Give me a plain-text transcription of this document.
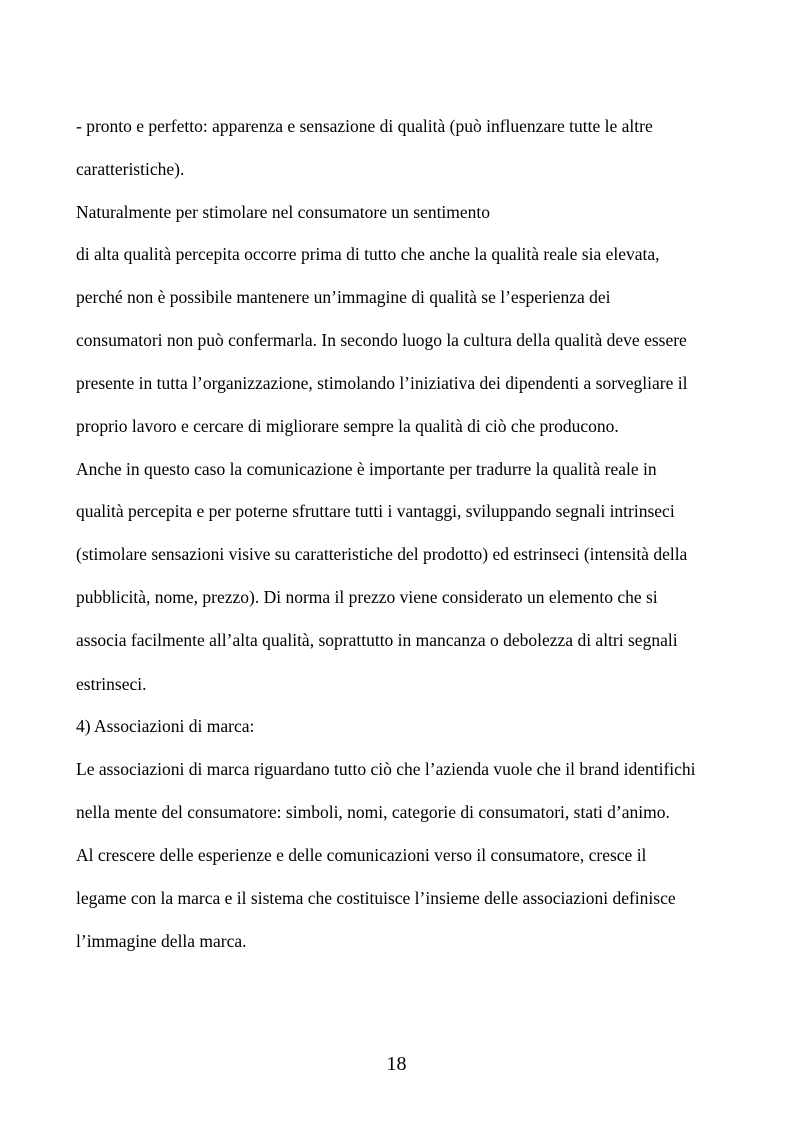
- pronto e perfetto: apparenza e sensazione di qualità (può influenzare tutte le altre
caratteristiche).
Naturalmente per stimolare nel consumatore un sentimento
di alta qualità percepita occorre prima di tutto che anche la qualità reale sia elevata,
perché non è possibile mantenere un’immagine di qualità se l’esperienza dei
consumatori non può confermarla. In secondo luogo la cultura della qualità deve essere
presente in tutta l’organizzazione, stimolando l’iniziativa dei dipendenti a sorvegliare il
proprio lavoro e cercare di migliorare sempre la qualità di ciò che producono.
Anche in questo caso la comunicazione è importante per tradurre la qualità reale in
qualità percepita e per poterne sfruttare tutti i vantaggi, sviluppando segnali intrinseci
(stimolare sensazioni visive su caratteristiche del prodotto) ed estrinseci (intensità della
pubblicità, nome, prezzo). Di norma il prezzo viene considerato un elemento che si
associa facilmente all’alta qualità, soprattutto in mancanza o debolezza di altri segnali
estrinseci.
4) Associazioni di marca:
Le associazioni di marca riguardano tutto ciò che l’azienda vuole che il brand identifichi
nella mente del consumatore: simboli, nomi, categorie di consumatori, stati d’animo.
Al crescere delle esperienze e delle comunicazioni verso il consumatore, cresce il
legame con la marca e il sistema che costituisce l’insieme delle associazioni definisce
l’immagine della marca.
18
